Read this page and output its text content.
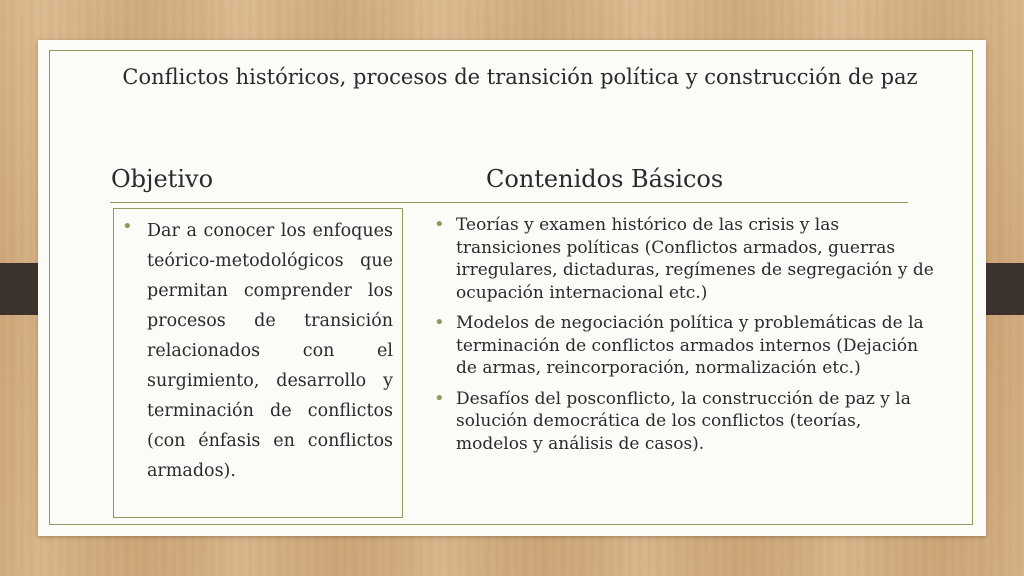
Conflictos históricos, procesos de transición política y construcción de paz
Objetivo	Contenidos Básicos
• Dar a conocer los enfoques teórico-metodológicos que permitan comprender los procesos de transición relacionados con el surgimiento, desarrollo y terminación de conflictos (con énfasis en conflictos armados).
• Teorías y examen histórico de las crisis y las transiciones políticas (Conflictos armados, guerras irregulares, dictaduras, regímenes de segregación y de ocupación internacional etc.)
• Modelos de negociación política y problemáticas de la terminación de conflictos armados internos (Dejación de armas, reincorporación, normalización etc.)
• Desafíos del posconflicto, la construcción de paz y la solución democrática de los conflictos (teorías, modelos y análisis de casos).
